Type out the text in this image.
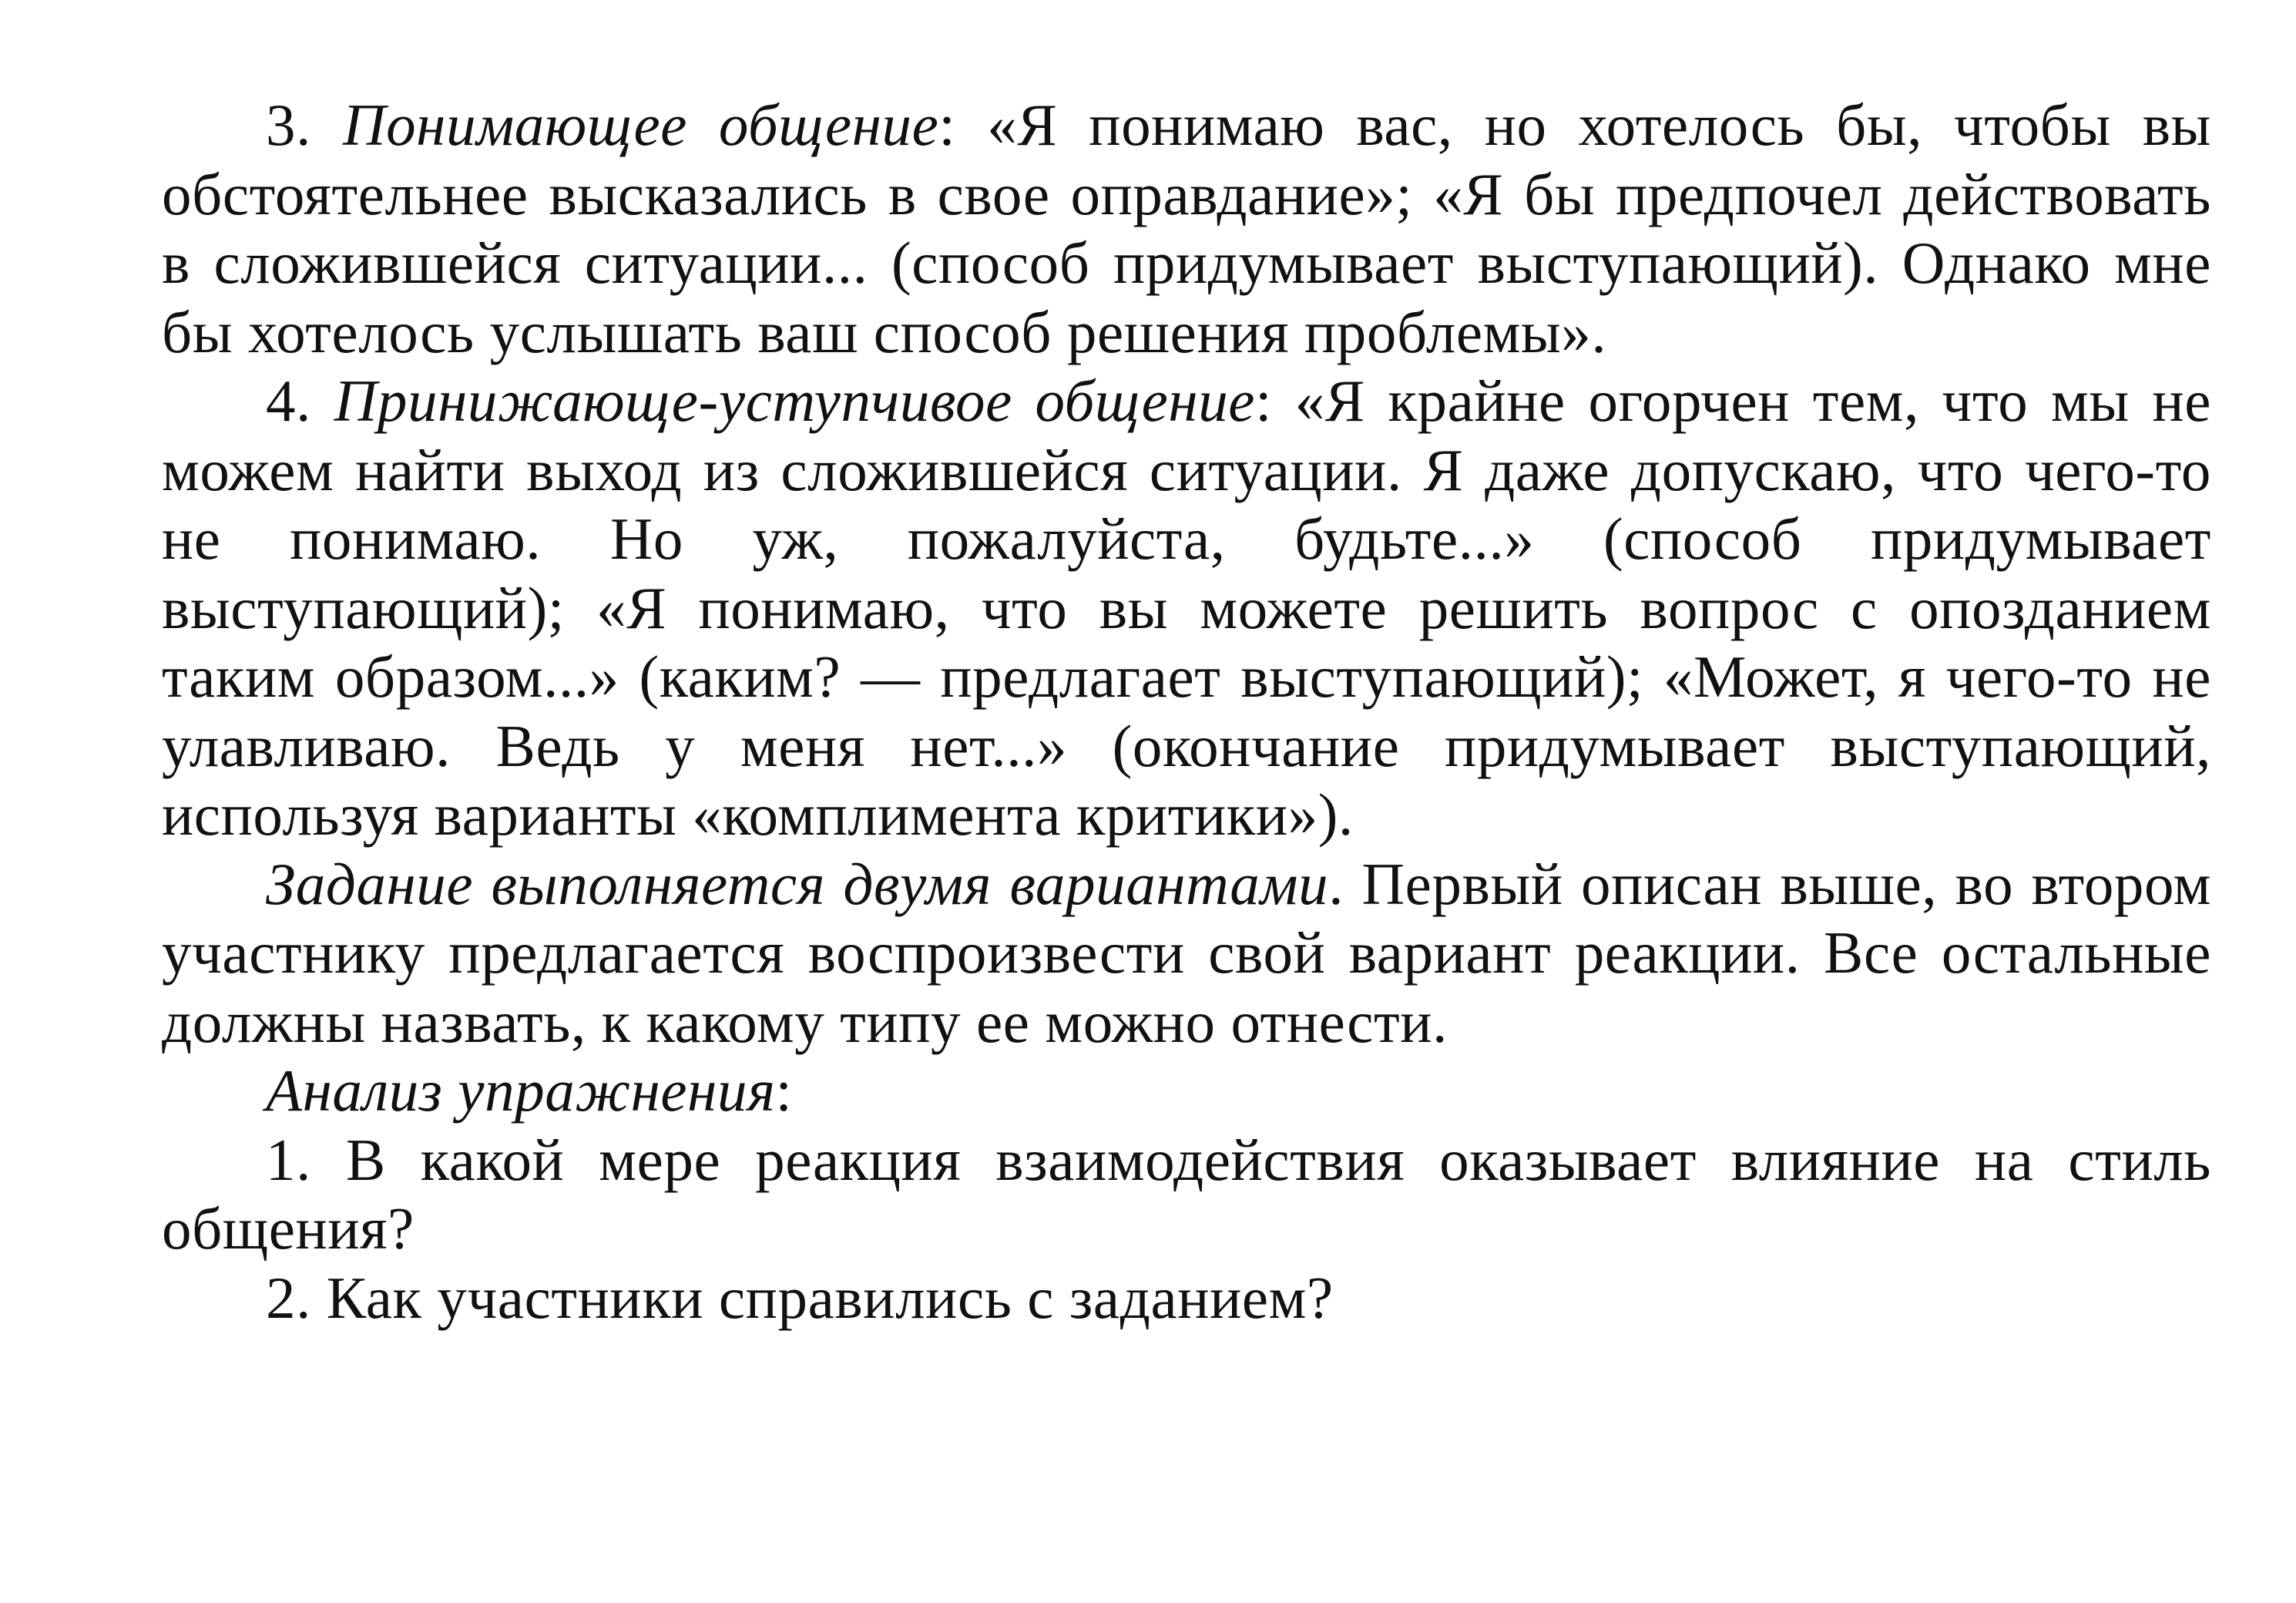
3. Понимающее общение: «Я понимаю вас, но хотелось бы, чтобы вы обстоятельнее высказались в свое оправдание»; «Я бы предпочел действовать в сложившейся ситуации... (способ придумывает выступающий). Однако мне бы хотелось услышать ваш способ решения проблемы».

4. Принижающе-уступчивое общение: «Я крайне огорчен тем, что мы не можем найти выход из сложившейся ситуации. Я даже допускаю, что чего-то не понимаю. Но уж, пожалуйста, будьте...» (способ придумывает выступающий); «Я понимаю, что вы можете решить вопрос с опозданием таким образом...» (каким? — предлагает выступающий); «Может, я чего-то не улавливаю. Ведь у меня нет...» (окончание придумывает выступающий, используя варианты «комплимента критики»).

Задание выполняется двумя вариантами. Первый описан выше, во втором участнику предлагается воспроизвести свой вариант реакции. Все остальные должны назвать, к какому типу ее можно отнести.

Анализ упражнения:

1. В какой мере реакция взаимодействия оказывает влияние на стиль общения?

2. Как участники справились с заданием?
